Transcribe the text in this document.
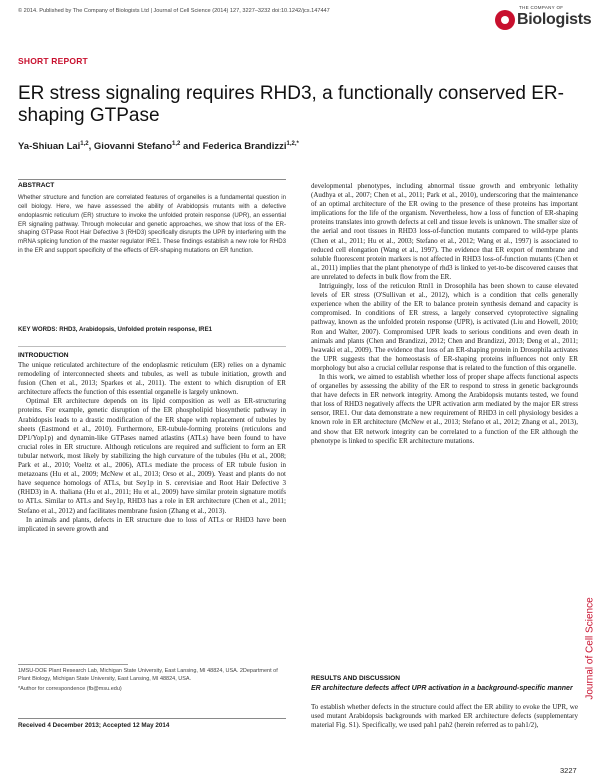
© 2014. Published by The Company of Biologists Ltd | Journal of Cell Science (2014) 127, 3227–3232 doi:10.1242/jcs.147447
THE COMPANY OF
Biologists
SHORT REPORT
ER stress signaling requires RHD3, a functionally conserved ER-shaping GTPase
Ya-Shiuan Lai$^{1,2}$, Giovanni Stefano$^{1,2}$ and Federica Brandizzi$^{1,2,*}$
ABSTRACT
Whether structure and function are correlated features of organelles is a fundamental question in cell biology. Here, we have assessed the ability of Arabidopsis mutants with a defective endoplasmic reticulum (ER) structure to invoke the unfolded protein response (UPR), an essential ER signaling pathway. Through molecular and genetic approaches, we show that loss of the ER-shaping GTPase Root Hair Defective 3 (RHD3) specifically disrupts the UPR by interfering with the mRNA splicing function of the master regulator IRE1. These findings establish a new role for RHD3 in the ER and support specificity of the effects of ER-shaping mutations on ER function.
KEY WORDS: RHD3, Arabidopsis, Unfolded protein response, IRE1
INTRODUCTION

The unique reticulated architecture of the endoplasmic reticulum (ER) relies on a dynamic remodeling of interconnected sheets and tubules, as well as tubule initiation, growth and fusion (Chen et al., 2013; Sparkes et al., 2011). The extent to which disruption of ER architecture affects the function of this essential organelle is largely unknown.

Optimal ER architecture depends on its lipid composition as well as ER-structuring proteins. For example, genetic disruption of the ER phospholipid biosynthetic pathway in Arabidopsis leads to a drastic modification of the ER shape with replacement of tubules by sheets (Eastmond et al., 2010). Furthermore, ER-tubule-forming proteins (reticulons and DP1/Yop1p) and dynamin-like GTPases named atlastins (ATLs) have been found to have crucial roles in ER structure. Although reticulons are required and sufficient to form an ER tubular network, most likely by stabilizing the high curvature of the tubules (Hu et al., 2008; Park et al., 2010; Voeltz et al., 2006), ATLs mediate the process of ER tubule fusion in metazoans (Hu et al., 2009; McNew et al., 2013; Orso et al., 2009). Yeast and plants do not have sequence homologs of ATLs, but Sey1p in S. cerevisiae and Root Hair Defective 3 (RHD3) in A. thaliana (Hu et al., 2011; Hu et al., 2009) have similar protein signature motifs to ATLs. Similar to ATLs and Sey1p, RHD3 has a role in ER architecture (Chen et al., 2011; Stefano et al., 2012) and facilitates membrane fusion (Zhang et al., 2013).

In animals and plants, defects in ER structure due to loss of ATLs or RHD3 have been implicated in severe growth and

1MSU-DOE Plant Research Lab, Michigan State University, East Lansing, MI 48824, USA. 2Department of Plant Biology, Michigan State University, East Lansing, MI 48824, USA.

*Author for correspondence (fb@msu.edu)

Received 4 December 2013; Accepted 12 May 2014

developmental phenotypes, including abnormal tissue growth and embryonic lethality (Audhya et al., 2007; Chen et al., 2011; Park et al., 2010), underscoring that the maintenance of an optimal architecture of the ER owing to the presence of these proteins has important implications for the life of the organism. Nevertheless, how a loss of function of ER-shaping proteins translates into growth defects at cell and tissue levels is unknown. The smaller size of the aerial and root tissues in RHD3 loss-of-function mutants compared to wild-type plants (Chen et al., 2011; Hu et al., 2003; Stefano et al., 2012; Wang et al., 1997) is associated to reduced cell elongation (Wang et al., 1997). The evidence that ER export of membrane and soluble fluorescent protein markers is not affected in RHD3 loss-of-function mutants (Chen et al., 2011) implies that the plant phenotype of rhd3 is linked to yet-to-be discovered causes that are unrelated to defects in bulk flow from the ER.

Intriguingly, loss of the reticulon Rtnl1 in Drosophila has been shown to cause elevated levels of ER stress (O'Sullivan et al., 2012), which is a condition that cells generally experience when the ability of the ER to balance protein synthesis demand and capacity is compromised. In conditions of ER stress, a largely conserved cytoprotective signaling pathway, known as the unfolded protein response (UPR), is activated (Liu and Howell, 2010; Ron and Walter, 2007). Compromised UPR leads to serious conditions and even death in animals and plants (Chen and Brandizzi, 2012; Chen and Brandizzi, 2013; Deng et al., 2011; Iwawaki et al., 2009). The evidence that loss of an ER-shaping protein in Drosophila activates the UPR suggests that the homeostasis of ER-shaping proteins influences not only ER morphology but also a crucial cellular response that is related to the function of this organelle.

In this work, we aimed to establish whether loss of proper shape affects functional aspects of organelles by assessing the ability of the ER to respond to stress in genetic backgrounds that have defects in ER network integrity. Among the Arabidopsis mutants tested, we found that loss of RHD3 negatively affects the UPR activation arm mediated by the major ER stress sensor, IRE1. Our data demonstrate a new requirement of RHD3 in cell physiology besides a known role in ER architecture (McNew et al., 2013; Stefano et al., 2012; Zhang et al., 2013), and show that ER network integrity can be correlated to a function of the ER although the phenotype is linked to specific ER architecture mutations.

RESULTS AND DISCUSSION
ER architecture defects affect UPR activation in a background-specific manner

To establish whether defects in the structure could affect the ER ability to evoke the UPR, we used mutant Arabidopsis backgrounds with marked ER architecture defects (supplementary material Fig. S1). Specifically, we used pah1 pah2 (herein referred as to pah1/2),

Journal of Cell Science
3227
